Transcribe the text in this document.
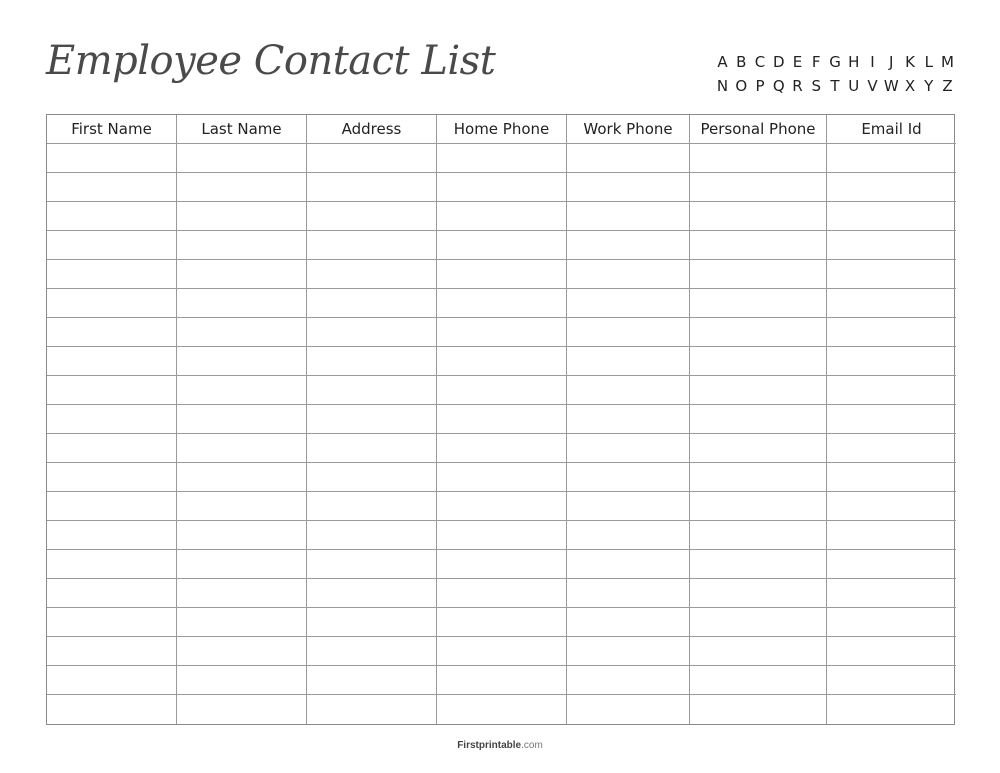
Employee Contact List	A B C D E F G H I J K L M
N O P Q R S T U V W X Y Z
First Name	Last Name	Address	Home Phone	Work Phone	Personal Phone	Email Id
Firstprintable.com
